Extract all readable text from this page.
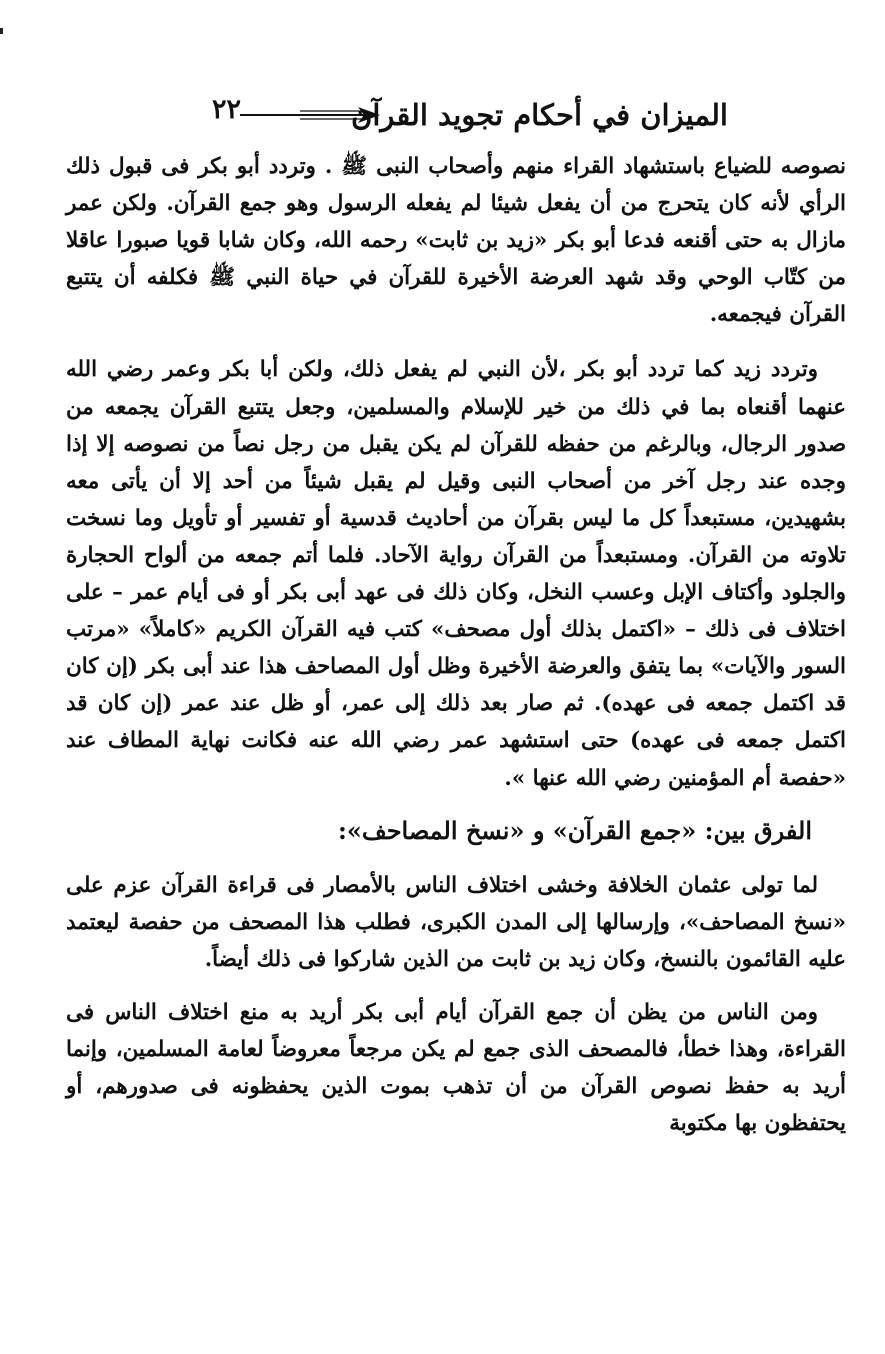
٢٢	الميزان في أحكام تجويد القرآن

نصوصه للضياع باستشهاد القراء منهم وأصحاب النبى ﷺ . وتردد أبو بكر فى قبول ذلك الرأي لأنه كان يتحرج من أن يفعل شيئا لم يفعله الرسول وهو جمع القرآن. ولكن عمر مازال به حتى أقنعه فدعا أبو بكر «زيد بن ثابت» رحمه الله، وكان شابا قويا صبورا عاقلا من كتّاب الوحي وقد شهد العرضة الأخيرة للقرآن في حياة النبي ﷺ فكلفه أن يتتبع القرآن فيجمعه.

وتردد زيد كما تردد أبو بكر ،لأن النبي لم يفعل ذلك، ولكن أبا بكر وعمر رضي الله عنهما أقنعاه بما في ذلك من خير للإسلام والمسلمين، وجعل يتتبع القرآن يجمعه من صدور الرجال، وبالرغم من حفظه للقرآن لم يكن يقبل من رجل نصاً من نصوصه إلا إذا وجده عند رجل آخر من أصحاب النبى وقيل لم يقبل شيئاً من أحد إلا أن يأتى معه بشهيدين، مستبعداً كل ما ليس بقرآن من أحاديث قدسية أو تفسير أو تأويل وما نسخت تلاوته من القرآن. ومستبعداً من القرآن رواية الآحاد. فلما أتم جمعه من ألواح الحجارة والجلود وأكتاف الإبل وعسب النخل، وكان ذلك فى عهد أبى بكر أو فى أيام عمر – على اختلاف فى ذلك – «اكتمل بذلك أول مصحف» كتب فيه القرآن الكريم «كاملاً» «مرتب السور والآيات» بما يتفق والعرضة الأخيرة وظل أول المصاحف هذا عند أبى بكر (إن كان قد اكتمل جمعه فى عهده). ثم صار بعد ذلك إلى عمر، أو ظل عند عمر (إن كان قد اكتمل جمعه فى عهده) حتى استشهد عمر رضي الله عنه فكانت نهاية المطاف عند «حفصة أم المؤمنين رضي الله عنها ».

الفرق بين: «جمع القرآن» و «نسخ المصاحف»:

لما تولى عثمان الخلافة وخشى اختلاف الناس بالأمصار فى قراءة القرآن عزم على «نسخ المصاحف»، وإرسالها إلى المدن الكبرى، فطلب هذا المصحف من حفصة ليعتمد عليه القائمون بالنسخ، وكان زيد بن ثابت من الذين شاركوا فى ذلك أيضاً.

ومن الناس من يظن أن جمع القرآن أيام أبى بكر أريد به منع اختلاف الناس فى القراءة، وهذا خطأ، فالمصحف الذى جمع لم يكن مرجعاً معروضاً لعامة المسلمين، وإنما أريد به حفظ نصوص القرآن من أن تذهب بموت الذين يحفظونه فى صدورهم، أو يحتفظون بها مكتوبة
